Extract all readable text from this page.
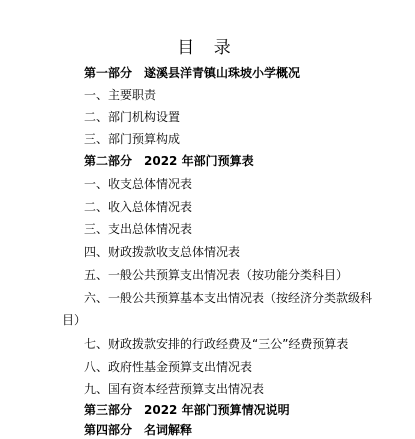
目 录
第一部分　遂溪县洋青镇山珠坡小学概况
一、主要职责
二、部门机构设置
三、部门预算构成
第二部分　2022 年部门预算表
一、收支总体情况表
二、收入总体情况表
三、支出总体情况表
四、财政拨款收支总体情况表
五、一般公共预算支出情况表（按功能分类科目）
六、一般公共预算基本支出情况表（按经济分类款级科
目）
七、财政拨款安排的行政经费及“三公”经费预算表
八、政府性基金预算支出情况表
九、国有资本经营预算支出情况表
第三部分　2022 年部门预算情况说明
第四部分　名词解释
